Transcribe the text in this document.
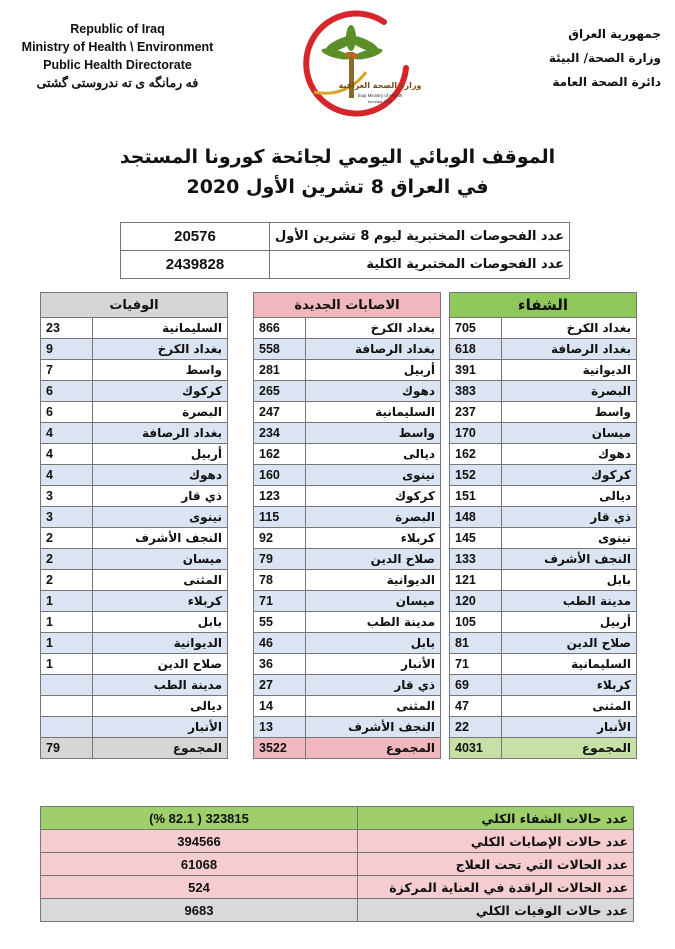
Republic of Iraq
Ministry of Health \ Environment
Public Health Directorate
فه رمانگه ی ته ندروستی گشتی	وزارة الصحة العراقية
Iraqi Ministry of Health
founded 1920
جمهورية العراق
وزارة الصحة/ البيئة
دائرة الصحة العامة
الموقف الوبائي اليومي لجائحة كورونا المستجد
في العراق 8 تشرين الأول 2020
عدد الفحوصات المختبرية ليوم 8 تشرين الأول	20576
عدد الفحوصات المختبرية الكلية	2439828
الشفاء	
بغداد الكرخ	705
بغداد الرصافة	618
الديوانية	391
البصرة	383
واسط	237
ميسان	170
دهوك	162
كركوك	152
ديالى	151
ذي قار	148
نينوى	145
النجف الأشرف	133
بابل	121
مدينة الطب	120
أربيل	105
صلاح الدين	81
السليمانية	71
كربلاء	69
المثنى	47
الأنبار	22
المجموع	4031
الاصابات الجديدة	
بغداد الكرخ	866
بغداد الرصافة	558
أربيل	281
دهوك	265
السليمانية	247
واسط	234
ديالى	162
نينوى	160
كركوك	123
البصرة	115
كربلاء	92
صلاح الدين	79
الديوانية	78
ميسان	71
مدينة الطب	55
بابل	46
الأنبار	36
ذي قار	27
المثنى	14
النجف الأشرف	13
المجموع	3522
الوفيات	
السليمانية	23
بغداد الكرخ	9
واسط	7
كركوك	6
البصرة	6
بغداد الرصافة	4
أربيل	4
دهوك	4
ذي قار	3
نينوى	3
النجف الأشرف	2
ميسان	2
المثنى	2
كربلاء	1
بابل	1
الديوانية	1
صلاح الدين	1
مدينة الطب	
ديالى	
الأنبار	
المجموع	79
عدد حالات الشفاء الكلي	323815 ( 82.1 %)
عدد حالات الإصابات الكلي	394566
عدد الحالات التي تحت العلاج	61068
عدد الحالات الراقدة في العناية المركزة	524
عدد حالات الوفيات الكلي	9683
